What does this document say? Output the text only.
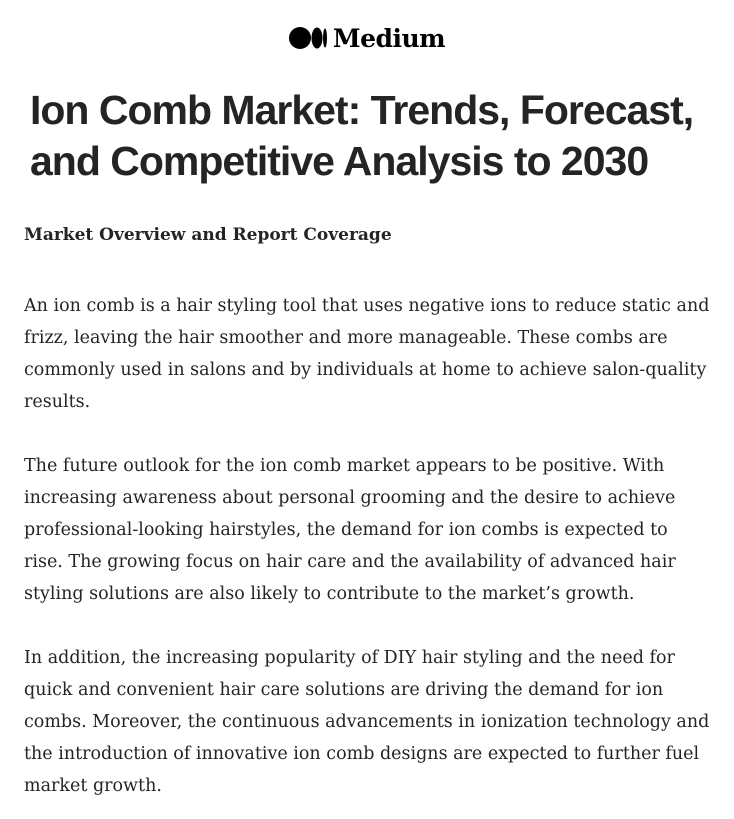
Medium
Ion Comb Market: Trends, Forecast, and Competitive Analysis to 2030

Market Overview and Report Coverage

An ion comb is a hair styling tool that uses negative ions to reduce static and frizz, leaving the hair smoother and more manageable. These combs are commonly used in salons and by individuals at home to achieve salon-quality results.

The future outlook for the ion comb market appears to be positive. With increasing awareness about personal grooming and the desire to achieve professional-looking hairstyles, the demand for ion combs is expected to rise. The growing focus on hair care and the availability of advanced hair styling solutions are also likely to contribute to the market’s growth.

In addition, the increasing popularity of DIY hair styling and the need for quick and convenient hair care solutions are driving the demand for ion combs. Moreover, the continuous advancements in ionization technology and the introduction of innovative ion comb designs are expected to further fuel market growth.
